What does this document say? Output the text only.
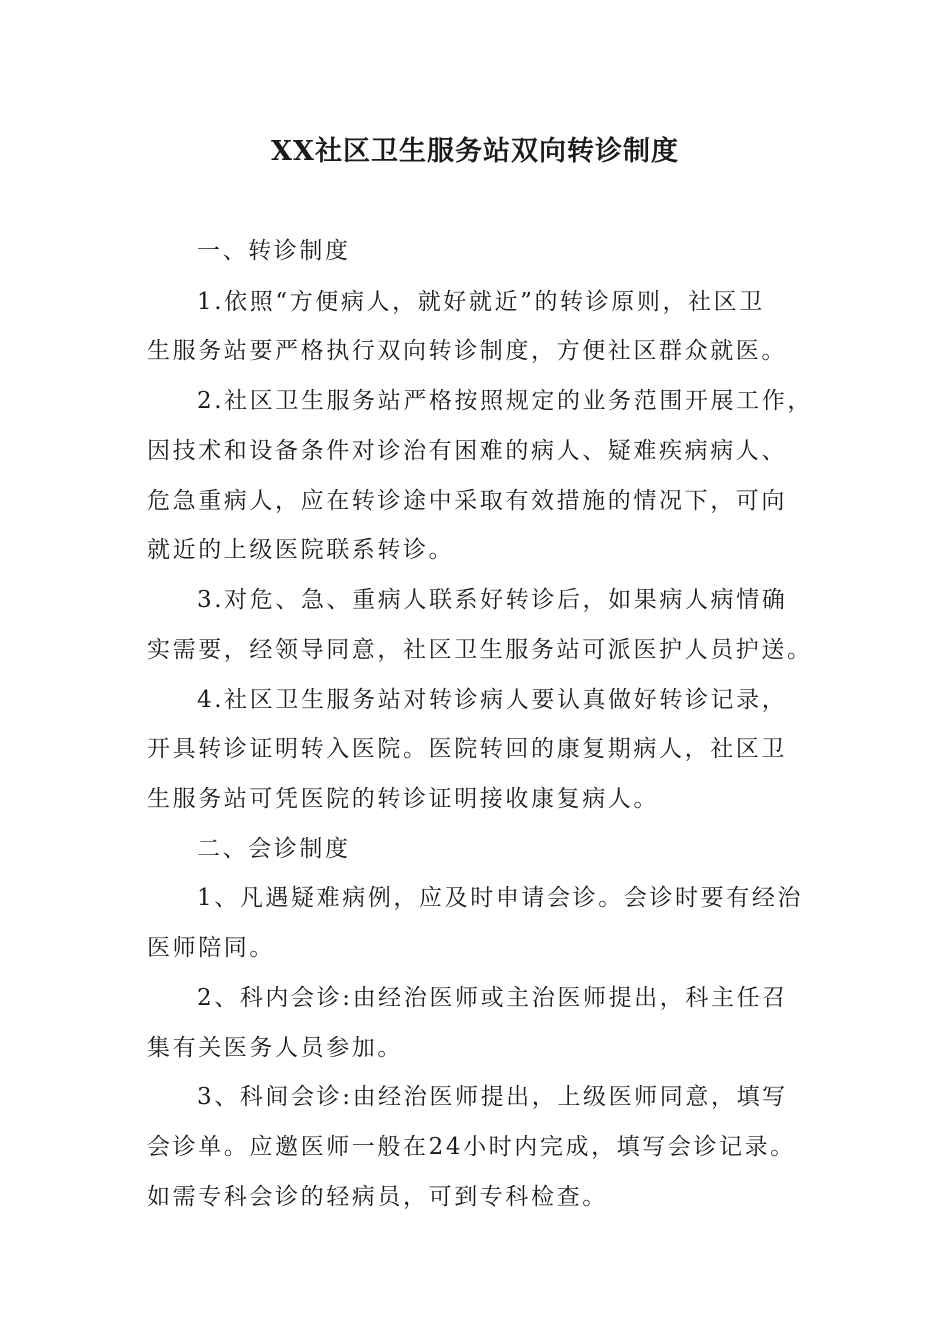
XX社区卫生服务站双向转诊制度
一、转诊制度
1.依照“方便病人，就好就近”的转诊原则，社区卫
生服务站要严格执行双向转诊制度，方便社区群众就医。
2.社区卫生服务站严格按照规定的业务范围开展工作，
因技术和设备条件对诊治有困难的病人、疑难疾病病人、
危急重病人，应在转诊途中采取有效措施的情况下，可向
就近的上级医院联系转诊。
3.对危、急、重病人联系好转诊后，如果病人病情确
实需要，经领导同意，社区卫生服务站可派医护人员护送。
4.社区卫生服务站对转诊病人要认真做好转诊记录，
开具转诊证明转入医院。医院转回的康复期病人，社区卫
生服务站可凭医院的转诊证明接收康复病人。
二、会诊制度
1、凡遇疑难病例，应及时申请会诊。会诊时要有经治
医师陪同。
2、科内会诊:由经治医师或主治医师提出，科主任召
集有关医务人员参加。
3、科间会诊:由经治医师提出，上级医师同意，填写
会诊单。应邀医师一般在24小时内完成，填写会诊记录。
如需专科会诊的轻病员，可到专科检查。
